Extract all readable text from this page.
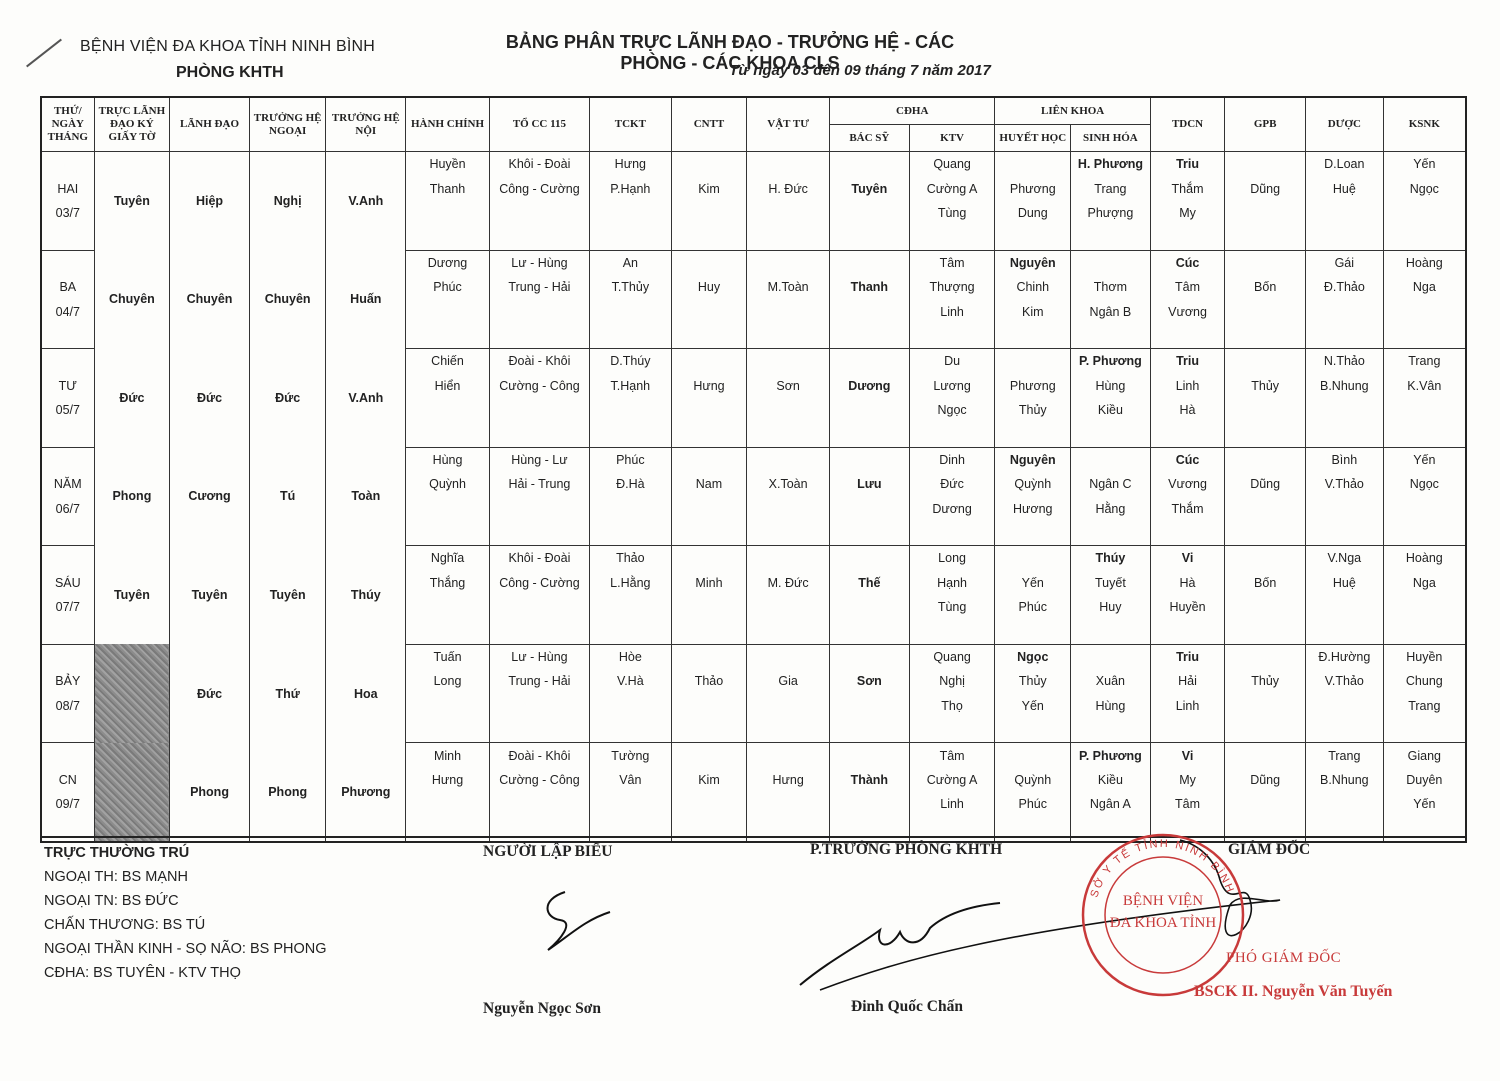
BỆNH VIỆN ĐA KHOA TỈNH NINH BÌNH
PHÒNG KHTH
BẢNG PHÂN TRỰC LÃNH ĐẠO - TRƯỞNG HỆ - CÁC PHÒNG - CÁC KHOA CLS
Từ ngày 03 đến 09 tháng 7 năm 2017
THỨ/ NGÀY THÁNG	TRỰC LÃNH ĐẠO KÝ GIẤY TỜ	LÃNH ĐẠO	TRƯỞNG HỆ NGOẠI	TRƯỞNG HỆ NỘI	HÀNH CHÍNH	TỔ CC 115	TCKT	CNTT	VẬT TƯ	CĐHA		LIÊN KHOA		TDCN	GPB	DƯỢC	KSNK
										BÁC SỸ	KTV	HUYẾT HỌC	SINH HÓA				
	Tuyên	Hiệp	Nghị	V.Anh	Huyền	Khôi - Đoài	Hưng				Quang		H. Phương	Triu		D.Loan	Yến
HAI					Thanh	Công - Cường	P.Hạnh	Kim	H. Đức	Tuyên	Cường A	Phương	Trang	Thắm	Dũng	Huệ	Ngọc
03/7											Tùng	Dung	Phượng	My			

	Chuyên	Chuyên	Chuyên	Huấn	Dương	Lư - Hùng	An				Tâm	Nguyên		Cúc		Gái	Hoàng
BA					Phúc	Trung - Hải	T.Thủy	Huy	M.Toàn	Thanh	Thượng	Chinh	Thơm	Tâm	Bốn	Đ.Thảo	Nga
04/7											Linh	Kim	Ngân B	Vương			

	Đức	Đức	Đức	V.Anh	Chiến	Đoài - Khôi	D.Thúy				Du		P. Phương	Triu		N.Thảo	Trang
TƯ					Hiển	Cường - Công	T.Hạnh	Hưng	Sơn	Dương	Lương	Phương	Hùng	Linh	Thủy	B.Nhung	K.Vân
05/7											Ngọc	Thủy	Kiều	Hà			

	Phong	Cương	Tú	Toàn	Hùng	Hùng - Lư	Phúc				Dinh	Nguyên		Cúc		Bình	Yến
NĂM					Quỳnh	Hải - Trung	Đ.Hà	Nam	X.Toàn	Lưu	Đức	Quỳnh	Ngân C	Vương	Dũng	V.Thảo	Ngọc
06/7											Dương	Hương	Hằng	Thắm			

	Tuyên	Tuyên	Tuyên	Thúy	Nghĩa	Khôi - Đoài	Thảo				Long		Thúy	Vi		V.Nga	Hoàng
SÁU					Thắng	Công - Cường	L.Hằng	Minh	M. Đức	Thế	Hạnh	Yến	Tuyết	Hà	Bốn	Huệ	Nga
07/7											Tùng	Phúc	Huy	Huyền			

		Đức	Thứ	Hoa	Tuấn	Lư - Hùng	Hòe				Quang	Ngọc		Triu		Đ.Hường	Huyền
BẢY					Long	Trung - Hải	V.Hà	Thảo	Gia	Sơn	Nghị	Thủy	Xuân	Hải	Thủy	V.Thảo	Chung
08/7											Thọ	Yến	Hùng	Linh			Trang

		Phong	Phong	Phương	Minh	Đoài - Khôi	Tường				Tâm		P. Phương	Vi		Trang	Giang
CN					Hưng	Cường - Công	Vân	Kim	Hưng	Thành	Cường A	Quỳnh	Kiều	My	Dũng	B.Nhung	Duyên
09/7											Linh	Phúc	Ngân A	Tâm			Yến

TRỰC THƯỜNG TRÚ
NGOẠI TH: BS MẠNH
NGOẠI TN: BS ĐỨC
CHẤN THƯƠNG: BS TÚ
NGOẠI THẦN KINH - SỌ NÃO: BS PHONG
CĐHA: BS TUYÊN - KTV THỌ
NGƯỜI LẬP BIỂU
Nguyễn Ngọc Sơn
P.TRƯỞNG PHÒNG KHTH
Đinh Quốc Chấn
GIÁM ĐỐC
PHÓ GIÁM ĐỐC
BSCK II. Nguyễn Văn Tuyến
BỆNH VIỆN
ĐA KHOA TỈNH
SỞ Y TẾ TỈNH NINH BÌNH
